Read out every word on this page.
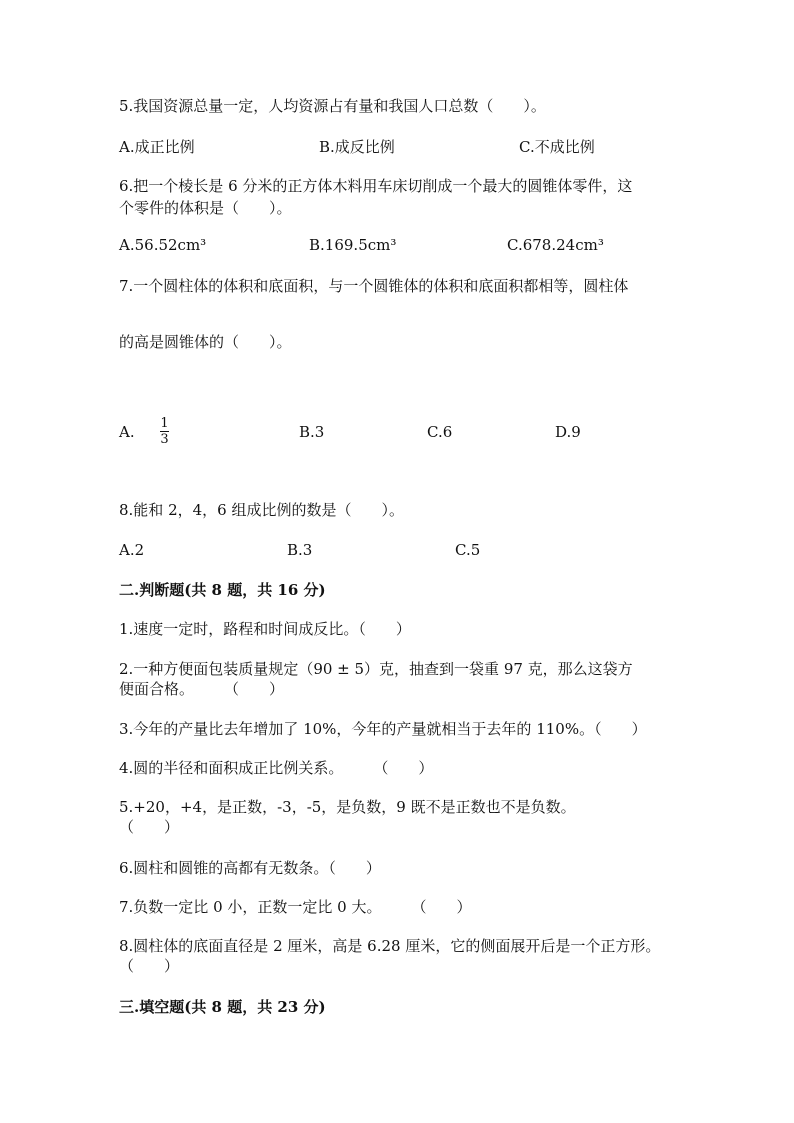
5.我国资源总量一定，人均资源占有量和我国人口总数（　　）。
A.成正比例	B.成反比例	C.不成比例
6.把一个棱长是 6 分米的正方体木料用车床切削成一个最大的圆锥体零件，这
个零件的体积是（　　）。
A.56.52cm³	B.169.5cm³	C.678.24cm³
7.一个圆柱体的体积和底面积，与一个圆锥体的体积和底面积都相等，圆柱体
的高是圆锥体的（　　）。
A. 1
3	B.3	C.6	D.9
8.能和 2，4，6 组成比例的数是（　　）。
A.2	B.3	C.5
二.判断题(共 8 题，共 16 分)
1.速度一定时，路程和时间成反比。（　　）
2.一种方便面包装质量规定（90 ± 5）克，抽查到一袋重 97 克，那么这袋方
便面合格。　　　（　　）
3.今年的产量比去年增加了 10%，今年的产量就相当于去年的 110%。（　　）
4.圆的半径和面积成正比例关系。　　　（　　）
5.+20，+4，是正数，-3，-5，是负数，9 既不是正数也不是负数。
（　　）
6.圆柱和圆锥的高都有无数条。（　　）
7.负数一定比 0 小，正数一定比 0 大。　　　（　　）
8.圆柱体的底面直径是 2 厘米，高是 6.28 厘米，它的侧面展开后是一个正方形。
（　　）
三.填空题(共 8 题，共 23 分)
